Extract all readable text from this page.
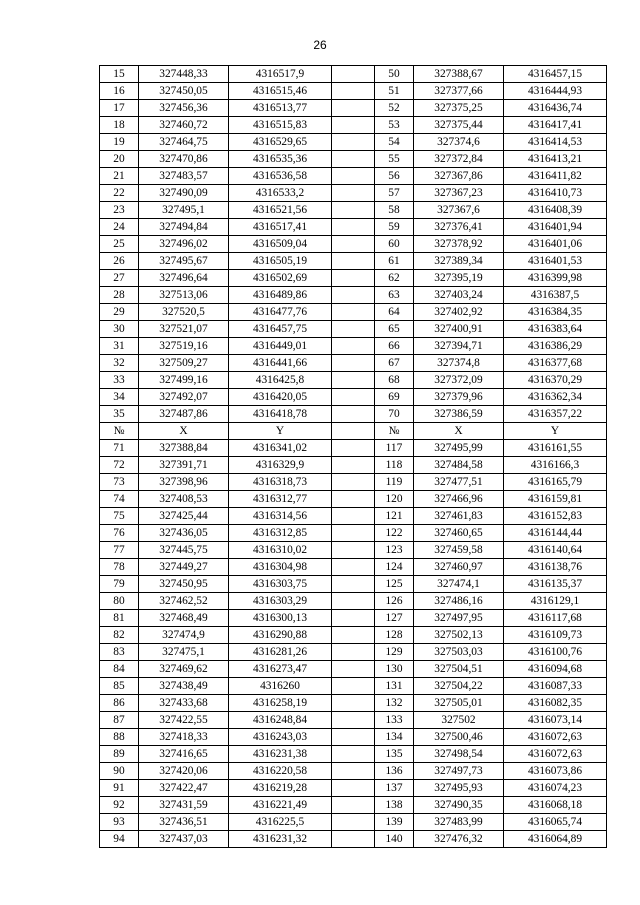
26
15	327448,33	4316517,9		50	327388,67	4316457,15
16	327450,05	4316515,46		51	327377,66	4316444,93
17	327456,36	4316513,77		52	327375,25	4316436,74
18	327460,72	4316515,83		53	327375,44	4316417,41
19	327464,75	4316529,65		54	327374,6	4316414,53
20	327470,86	4316535,36		55	327372,84	4316413,21
21	327483,57	4316536,58		56	327367,86	4316411,82
22	327490,09	4316533,2		57	327367,23	4316410,73
23	327495,1	4316521,56		58	327367,6	4316408,39
24	327494,84	4316517,41		59	327376,41	4316401,94
25	327496,02	4316509,04		60	327378,92	4316401,06
26	327495,67	4316505,19		61	327389,34	4316401,53
27	327496,64	4316502,69		62	327395,19	4316399,98
28	327513,06	4316489,86		63	327403,24	4316387,5
29	327520,5	4316477,76		64	327402,92	4316384,35
30	327521,07	4316457,75		65	327400,91	4316383,64
31	327519,16	4316449,01		66	327394,71	4316386,29
32	327509,27	4316441,66		67	327374,8	4316377,68
33	327499,16	4316425,8		68	327372,09	4316370,29
34	327492,07	4316420,05		69	327379,96	4316362,34
35	327487,86	4316418,78		70	327386,59	4316357,22
№	X	Y		№	X	Y
71	327388,84	4316341,02		117	327495,99	4316161,55
72	327391,71	4316329,9		118	327484,58	4316166,3
73	327398,96	4316318,73		119	327477,51	4316165,79
74	327408,53	4316312,77		120	327466,96	4316159,81
75	327425,44	4316314,56		121	327461,83	4316152,83
76	327436,05	4316312,85		122	327460,65	4316144,44
77	327445,75	4316310,02		123	327459,58	4316140,64
78	327449,27	4316304,98		124	327460,97	4316138,76
79	327450,95	4316303,75		125	327474,1	4316135,37
80	327462,52	4316303,29		126	327486,16	4316129,1
81	327468,49	4316300,13		127	327497,95	4316117,68
82	327474,9	4316290,88		128	327502,13	4316109,73
83	327475,1	4316281,26		129	327503,03	4316100,76
84	327469,62	4316273,47		130	327504,51	4316094,68
85	327438,49	4316260		131	327504,22	4316087,33
86	327433,68	4316258,19		132	327505,01	4316082,35
87	327422,55	4316248,84		133	327502	4316073,14
88	327418,33	4316243,03		134	327500,46	4316072,63
89	327416,65	4316231,38		135	327498,54	4316072,63
90	327420,06	4316220,58		136	327497,73	4316073,86
91	327422,47	4316219,28		137	327495,93	4316074,23
92	327431,59	4316221,49		138	327490,35	4316068,18
93	327436,51	4316225,5		139	327483,99	4316065,74
94	327437,03	4316231,32		140	327476,32	4316064,89
